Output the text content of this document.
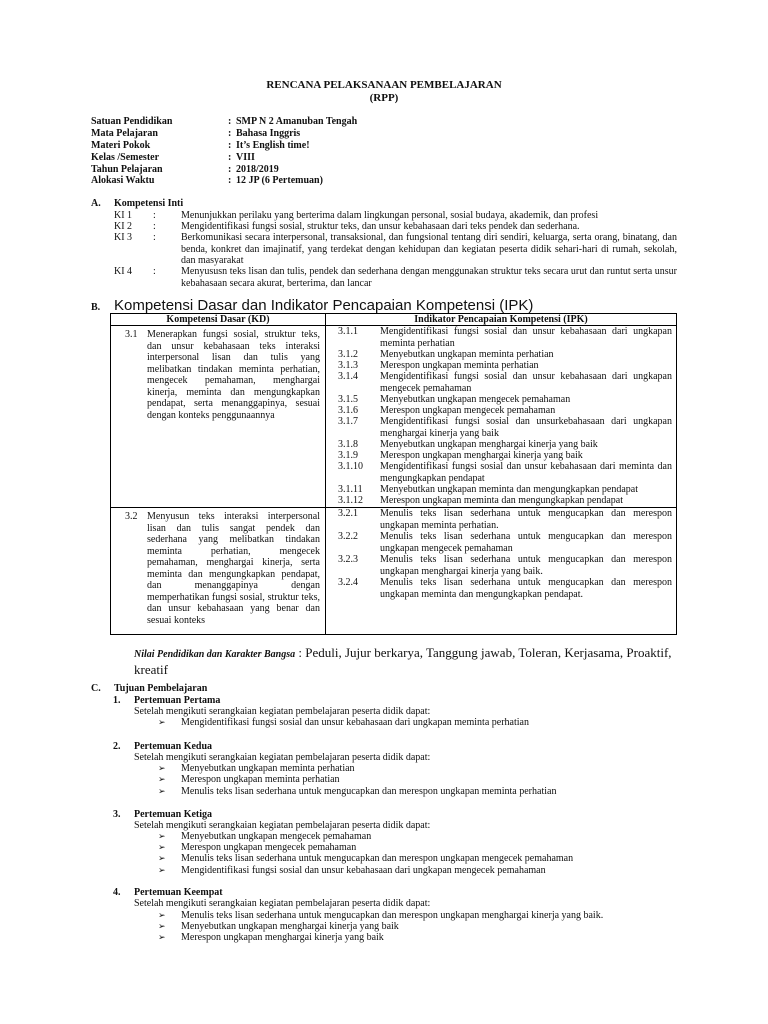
RENCANA PELAKSANAAN PEMBELAJARAN
(RPP)
Satuan Pendidikan	: SMP N 2 Amanuban Tengah
Mata Pelajaran	: Bahasa Inggris
Materi Pokok	: It’s English time!
Kelas /Semester	: VIII
Tahun Pelajaran	: 2018/2019
Alokasi Waktu	: 12 JP (6 Pertemuan)
A. Kompetensi Inti
KI 1 :	Menunjukkan perilaku yang berterima dalam lingkungan personal, sosial budaya, akademik, dan profesi
KI 2 :	Mengidentifikasi fungsi sosial, struktur teks, dan unsur kebahasaan dari teks pendek dan sederhana.
KI 3 :	Berkomunikasi secara interpersonal, transaksional, dan fungsional tentang diri sendiri, keluarga, serta orang, binatang, dan benda, konkret dan imajinatif, yang terdekat dengan kehidupan dan kegiatan peserta didik sehari-hari di rumah, sekolah, dan masyarakat
KI 4 :	Menyususn teks lisan dan tulis, pendek dan sederhana dengan menggunakan struktur teks secara urut dan runtut serta unsur kebahasaan secara akurat, berterima, dan lancar
B. Kompetensi Dasar dan Indikator Pencapaian Kompetensi (IPK)
Kompetensi Dasar (KD)	Indikator Pencapaian Kompetensi (IPK)
3.1 Menerapkan fungsi sosial, struktur teks, dan unsur kebahasaan teks interaksi interpersonal lisan dan tulis yang melibatkan tindakan meminta perhatian, mengecek pemahaman, menghargai kinerja, meminta dan mengungkapkan pendapat, serta menanggapinya, sesuai dengan konteks penggunaannya
3.1.1 Mengidentifikasi fungsi sosial dan unsur kebahasaan dari ungkapan meminta perhatian
3.1.2 Menyebutkan ungkapan meminta perhatian
3.1.3 Merespon ungkapan meminta perhatian
3.1.4 Mengidentifikasi fungsi sosial dan unsur kebahasaan dari ungkapan mengecek pemahaman
3.1.5 Menyebutkan ungkapan mengecek pemahaman
3.1.6 Merespon ungkapan mengecek pemahaman
3.1.7 Mengidentifikasi fungsi sosial dan unsurkebahasaan dari ungkapan menghargai kinerja yang baik
3.1.8 Menyebutkan ungkapan menghargai kinerja yang baik
3.1.9 Merespon ungkapan menghargai kinerja yang baik
3.1.10 Mengidentifikasi fungsi sosial dan unsur kebahasaan dari meminta dan mengungkapkan pendapat
3.1.11 Menyebutkan ungkapan meminta dan mengungkapkan pendapat
3.1.12 Merespon ungkapan meminta dan mengungkapkan pendapat
3.2 Menyusun teks interaksi interpersonal lisan dan tulis sangat pendek dan sederhana yang melibatkan tindakan meminta perhatian, mengecek pemahaman, menghargai kinerja, serta meminta dan mengungkapkan pendapat, dan menanggapinya dengan memperhatikan fungsi sosial, struktur teks, dan unsur kebahasaan yang benar dan sesuai konteks
3.2.1 Menulis teks lisan sederhana untuk mengucapkan dan merespon ungkapan meminta perhatian.
3.2.2 Menulis teks lisan sederhana untuk mengucapkan dan merespon ungkapan mengecek pemahaman
3.2.3 Menulis teks lisan sederhana untuk mengucapkan dan merespon ungkapan menghargai kinerja yang baik.
3.2.4 Menulis teks lisan sederhana untuk mengucapkan dan merespon ungkapan meminta dan mengungkapkan pendapat.
Nilai Pendidikan dan Karakter Bangsa : Peduli, Jujur berkarya, Tanggung jawab, Toleran, Kerjasama, Proaktif, kreatif
C. Tujuan Pembelajaran
1. Pertemuan Pertama
Setelah mengikuti serangkaian kegiatan pembelajaran peserta didik dapat:
➢ Mengidentifikasi fungsi sosial dan unsur kebahasaan dari ungkapan meminta perhatian
2. Pertemuan Kedua
Setelah mengikuti serangkaian kegiatan pembelajaran peserta didik dapat:
➢ Menyebutkan ungkapan meminta perhatian
➢ Merespon ungkapan meminta perhatian
➢ Menulis teks lisan sederhana untuk mengucapkan dan merespon ungkapan meminta perhatian
3. Pertemuan Ketiga
Setelah mengikuti serangkaian kegiatan pembelajaran peserta didik dapat:
➢ Menyebutkan ungkapan mengecek pemahaman
➢ Merespon ungkapan mengecek pemahaman
➢ Menulis teks lisan sederhana untuk mengucapkan dan merespon ungkapan mengecek pemahaman
➢ Mengidentifikasi fungsi sosial dan unsur kebahasaan dari ungkapan mengecek pemahaman
4. Pertemuan Keempat
Setelah mengikuti serangkaian kegiatan pembelajaran peserta didik dapat:
➢ Menulis teks lisan sederhana untuk mengucapkan dan merespon ungkapan menghargai kinerja yang baik.
➢ Menyebutkan ungkapan menghargai kinerja yang baik
➢ Merespon ungkapan menghargai kinerja yang baik
